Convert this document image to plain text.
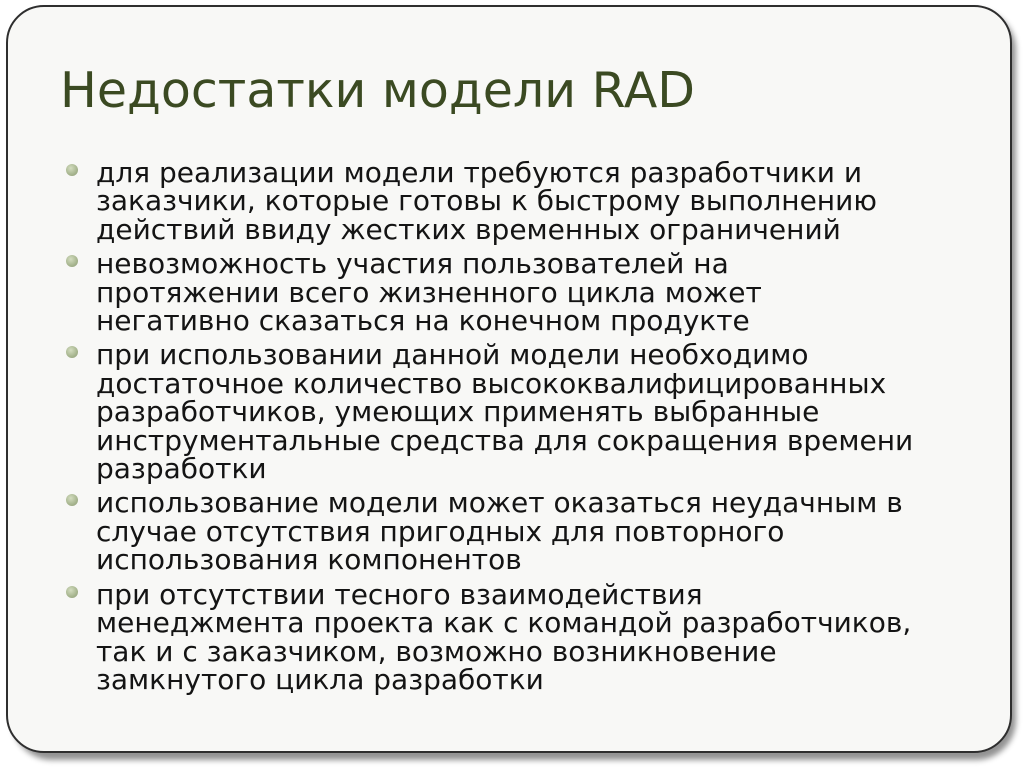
Недостатки модели RAD
для реализации модели требуются разработчики и
заказчики, которые готовы к быстрому выполнению
действий ввиду жестких временных ограничений
невозможность участия пользователей на
протяжении всего жизненного цикла может
негативно сказаться на конечном продукте
при использовании данной модели необходимо
достаточное количество высококвалифицированных
разработчиков, умеющих применять выбранные
инструментальные средства для сокращения времени
разработки
использование модели может оказаться неудачным в
случае отсутствия пригодных для повторного
использования компонентов
при отсутствии тесного взаимодействия
менеджмента проекта как с командой разработчиков,
так и с заказчиком, возможно возникновение
замкнутого цикла разработки
